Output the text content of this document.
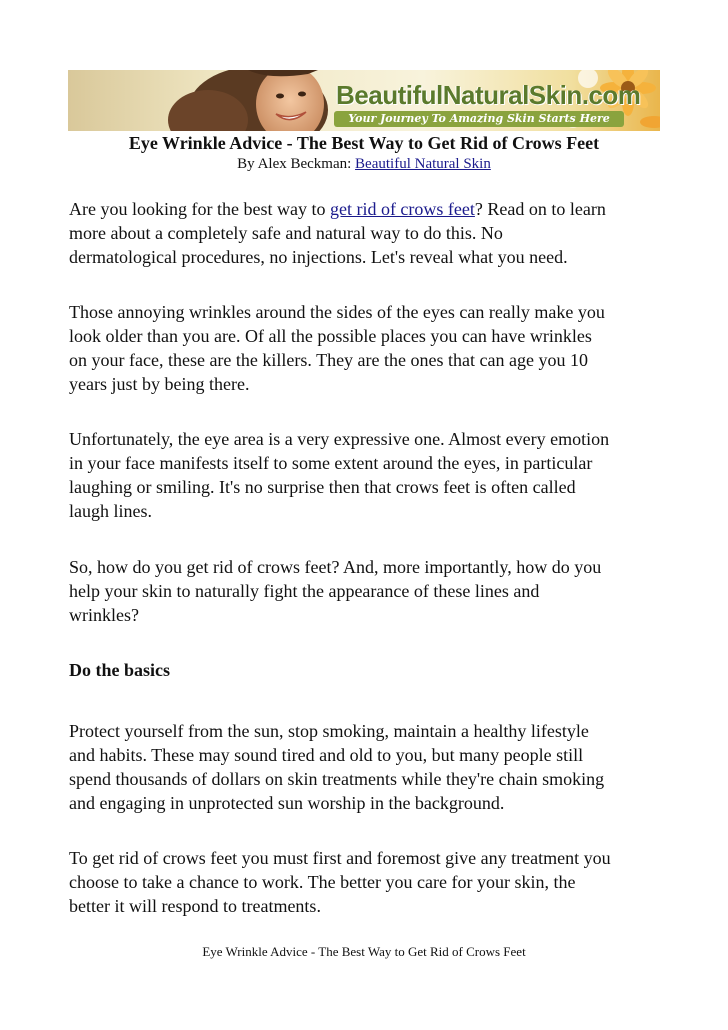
BeautifulNaturalSkin.com
Your Journey To Amazing Skin Starts Here
Eye Wrinkle Advice - The Best Way to Get Rid of Crows Feet
By Alex Beckman: Beautiful Natural Skin

Are you looking for the best way to get rid of crows feet? Read on to learn
more about a completely safe and natural way to do this. No
dermatological procedures, no injections. Let's reveal what you need.

Those annoying wrinkles around the sides of the eyes can really make you
look older than you are. Of all the possible places you can have wrinkles
on your face, these are the killers. They are the ones that can age you 10
years just by being there.

Unfortunately, the eye area is a very expressive one. Almost every emotion
in your face manifests itself to some extent around the eyes, in particular
laughing or smiling. It's no surprise then that crows feet is often called
laugh lines.

So, how do you get rid of crows feet? And, more importantly, how do you
help your skin to naturally fight the appearance of these lines and
wrinkles?

Do the basics

Protect yourself from the sun, stop smoking, maintain a healthy lifestyle
and habits. These may sound tired and old to you, but many people still
spend thousands of dollars on skin treatments while they're chain smoking
and engaging in unprotected sun worship in the background.

To get rid of crows feet you must first and foremost give any treatment you
choose to take a chance to work. The better you care for your skin, the
better it will respond to treatments.

Eye Wrinkle Advice - The Best Way to Get Rid of Crows Feet
